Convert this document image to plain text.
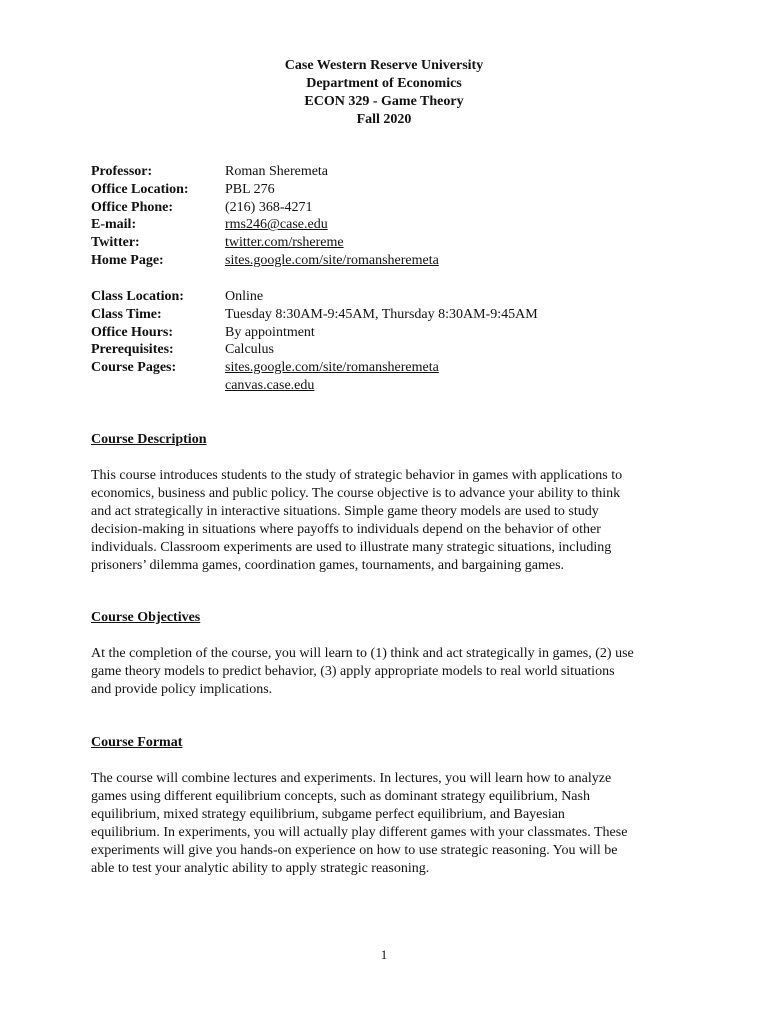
Case Western Reserve University
Department of Economics
ECON 329 - Game Theory
Fall 2020
Professor:	Roman Sheremeta
Office Location:	PBL 276
Office Phone:	(216) 368-4271
E-mail:	rms246@case.edu
Twitter:	twitter.com/rshereme
Home Page:	sites.google.com/site/romansheremeta
Class Location:	Online
Class Time:	Tuesday 8:30AM-9:45AM, Thursday 8:30AM-9:45AM
Office Hours:	By appointment
Prerequisites:	Calculus
Course Pages:	sites.google.com/site/romansheremeta
canvas.case.edu
Course Description
This course introduces students to the study of strategic behavior in games with applications to
economics, business and public policy. The course objective is to advance your ability to think
and act strategically in interactive situations. Simple game theory models are used to study
decision-making in situations where payoffs to individuals depend on the behavior of other
individuals. Classroom experiments are used to illustrate many strategic situations, including
prisoners’ dilemma games, coordination games, tournaments, and bargaining games.
Course Objectives
At the completion of the course, you will learn to (1) think and act strategically in games, (2) use
game theory models to predict behavior, (3) apply appropriate models to real world situations
and provide policy implications.
Course Format
The course will combine lectures and experiments. In lectures, you will learn how to analyze
games using different equilibrium concepts, such as dominant strategy equilibrium, Nash
equilibrium, mixed strategy equilibrium, subgame perfect equilibrium, and Bayesian
equilibrium. In experiments, you will actually play different games with your classmates. These
experiments will give you hands-on experience on how to use strategic reasoning. You will be
able to test your analytic ability to apply strategic reasoning.
1
